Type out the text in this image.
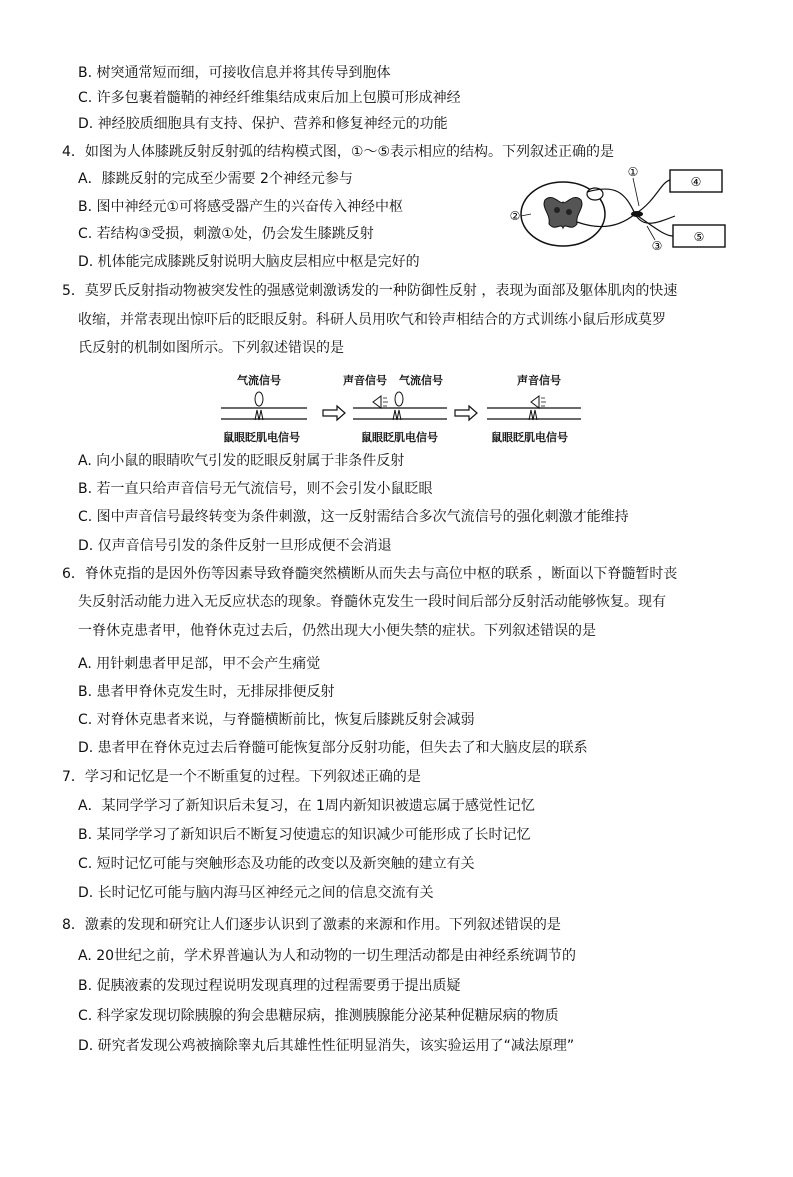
B. 树突通常短而细，可接收信息并将其传导到胞体
C. 许多包裹着髓鞘的神经纤维集结成束后加上包膜可形成神经
D. 神经胶质细胞具有支持、保护、营养和修复神经元的功能
4．如图为人体膝跳反射反射弧的结构模式图，①～⑤表示相应的结构。下列叙述正确的是
A．膝跳反射的完成至少需要 2个神经元参与
B. 图中神经元①可将感受器产生的兴奋传入神经中枢
C. 若结构③受损，刺激①处，仍会发生膝跳反射
D. 机体能完成膝跳反射说明大脑皮层相应中枢是完好的
①
②
③
④
⑤
5．莫罗氏反射指动物被突发性的强感觉刺激诱发的一种防御性反射 ，表现为面部及躯体肌肉的快速
收缩，并常表现出惊吓后的眨眼反射。科研人员用吹气和铃声相结合的方式训练小鼠后形成莫罗
氏反射的机制如图所示。下列叙述错误的是
气流信号
鼠眼眨肌电信号
声音信号 气流信号
鼠眼眨肌电信号
声音信号
鼠眼眨肌电信号
A. 向小鼠的眼睛吹气引发的眨眼反射属于非条件反射
B. 若一直只给声音信号无气流信号，则不会引发小鼠眨眼
C. 图中声音信号最终转变为条件刺激，这一反射需结合多次气流信号的强化刺激才能维持
D. 仅声音信号引发的条件反射一旦形成便不会消退
6．脊休克指的是因外伤等因素导致脊髓突然横断从而失去与高位中枢的联系 ，断面以下脊髓暂时丧
失反射活动能力进入无反应状态的现象。脊髓休克发生一段时间后部分反射活动能够恢复。现有
一脊休克患者甲，他脊休克过去后，仍然出现大小便失禁的症状。下列叙述错误的是
A. 用针刺患者甲足部，甲不会产生痛觉
B. 患者甲脊休克发生时，无排尿排便反射
C. 对脊休克患者来说，与脊髓横断前比，恢复后膝跳反射会减弱
D. 患者甲在脊休克过去后脊髓可能恢复部分反射功能，但失去了和大脑皮层的联系
7．学习和记忆是一个不断重复的过程。下列叙述正确的是
A．某同学学习了新知识后未复习，在 1周内新知识被遗忘属于感觉性记忆
B. 某同学学习了新知识后不断复习使遗忘的知识减少可能形成了长时记忆
C. 短时记忆可能与突触形态及功能的改变以及新突触的建立有关
D. 长时记忆可能与脑内海马区神经元之间的信息交流有关
8．激素的发现和研究让人们逐步认识到了激素的来源和作用。下列叙述错误的是
A. 20世纪之前，学术界普遍认为人和动物的一切生理活动都是由神经系统调节的
B. 促胰液素的发现过程说明发现真理的过程需要勇于提出质疑
C. 科学家发现切除胰腺的狗会患糖尿病，推测胰腺能分泌某种促糖尿病的物质
D. 研究者发现公鸡被摘除睾丸后其雄性性征明显消失，该实验运用了“减法原理”
